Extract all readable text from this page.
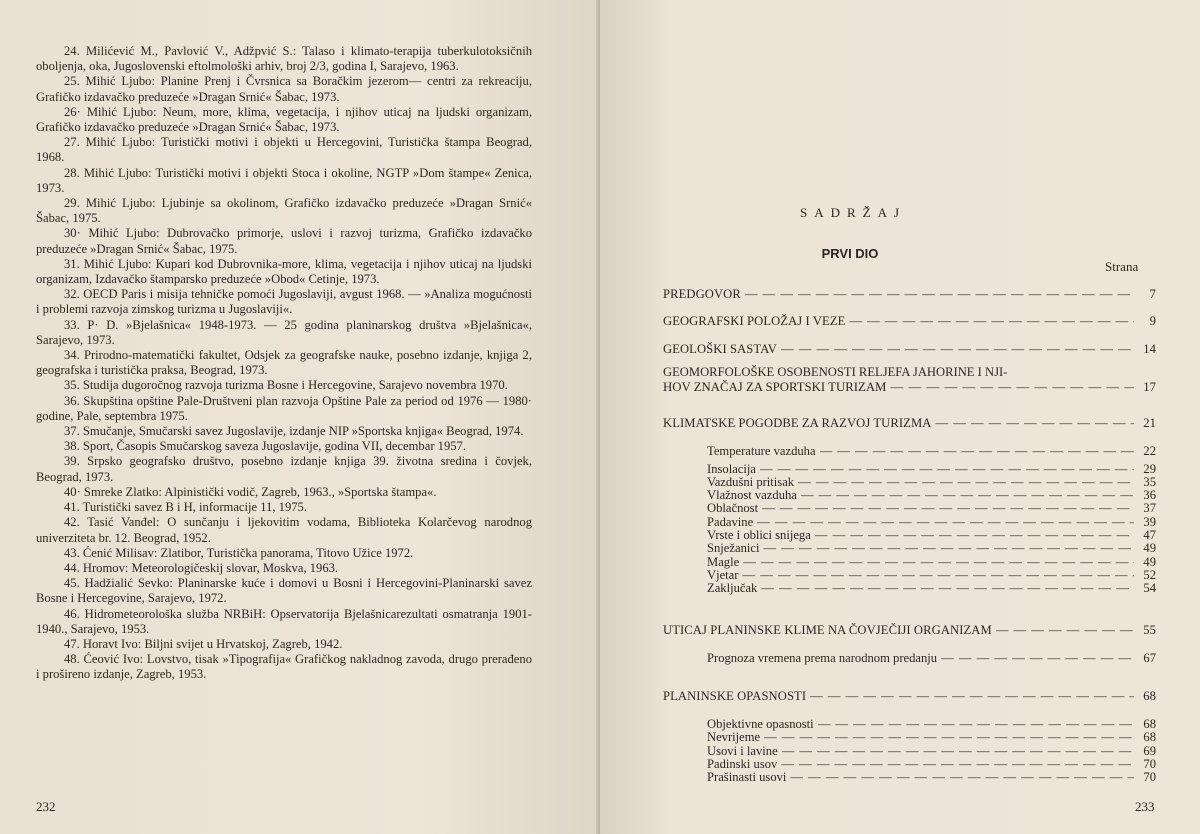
24. Milićević M., Pavlović V., Adžpvić S.: Talaso i klimato-terapija tuberkulotoksičnih oboljenja, oka, Jugoslovenski eftolmološki arhiv, broj 2/3, godina I, Sarajevo, 1963.

25. Mihić Ljubo: Planine Prenj i Čvrsnica sa Boračkim jezerom— centri za rekreaciju, Grafičko izdavačko preduzeće »Dragan Srnić« Šabac, 1973.

26· Mihić Ljubo: Neum, more, klima, vegetacija, i njihov uticaj na ljudski organizam, Grafičko izdavačko preduzeće »Dragan Srnić« Šabac, 1973.

27. Mihić Ljubo: Turistički motivi i objekti u Hercegovini, Turistička štampa Beograd, 1968.

28. Mihić Ljubo: Turistički motivi i objekti Stoca i okoline, NGTP »Dom štampe« Zenica, 1973.

29. Mihić Ljubo: Ljubinje sa okolinom, Grafičko izdavačko preduzeće »Dragan Srnić« Šabac, 1975.

30· Mihić Ljubo: Dubrovačko primorje, uslovi i razvoj turizma, Grafičko izdavačko preduzeće »Dragan Srnić« Šabac, 1975.

31. Mihić Ljubo: Kupari kod Dubrovnika-more, klima, vegetacija i njihov uticaj na ljudski organizam, Izdavačko štamparsko preduzeće »Obod« Cetinje, 1973.

32. OECD Paris i misija tehničke pomoći Jugoslaviji, avgust 1968. — »Analiza mogućnosti i problemi razvoja zimskog turizma u Jugoslaviji«.

33. P· D. »Bjelašnica« 1948-1973. — 25 godina planinarskog društva »Bjelašnica«, Sarajevo, 1973.

34. Prirodno-matematički fakultet, Odsjek za geografske nauke, posebno izdanje, knjiga 2, geografska i turistička praksa, Beograd, 1973.

35. Studija dugoročnog razvoja turizma Bosne i Hercegovine, Sarajevo novembra 1970.

36. Skupština opštine Pale-Društveni plan razvoja Opštine Pale za period od 1976 — 1980· godine, Pale, septembra 1975.

37. Smučanje, Smučarski savez Jugoslavije, izdanje NIP »Sportska knjiga« Beograd, 1974.

38. Sport, Časopis Smučarskog saveza Jugoslavije, godina VII, decembar 1957.

39. Srpsko geografsko društvo, posebno izdanje knjiga 39. životna sredina i čovjek, Beograd, 1973.

40· Smreke Zlatko: Alpinistički vodič, Zagreb, 1963., »Sportska štampa«.

41. Turistički savez B i H, informacije 11, 1975.

42. Tasić Vanđel: O sunčanju i ljekovitim vodama, Biblioteka Kolarčevog narodnog univerziteta br. 12. Beograd, 1952.

43. Ćenić Milisav: Zlatibor, Turistička panorama, Titovo Užice 1972.

44. Hromov: Meteorologičeskij slovar, Moskva, 1963.

45. Hadžialić Sevko: Planinarske kuće i domovi u Bosni i Hercegovini-Planinarski savez Bosne i Hercegovine, Sarajevo, 1972.

46. Hidrometeorološka služba NRBiH: Opservatorija Bjelašnicarezultati osmatranja 1901-1940., Sarajevo, 1953.

47. Horavt Ivo: Biljni svijet u Hrvatskoj, Zagreb, 1942.

48. Ćeović Ivo: Lovstvo, tisak »Tipografija« Grafičkog nakladnog zavoda, drugo prerađeno i prošireno izdanje, Zagreb, 1953.

232
SADRŽAJ
PRVI DIO
Strana
PREDGOVOR — — —	7
GEOGRAFSKI POLOŽAJ I VEZE — — —	9
GEOLOŠKI SASTAV — — —	14
GEOMORFOLOŠKE OSOBENOSTI RELJEFA JAHORINE I NJI-
HOV ZNAČAJ ZA SPORTSKI TURIZAM — — —	17
KLIMATSKE POGODBE ZA RAZVOJ TURIZMA — — —	21
Temperature vazduha — — —	22
Insolacija — — —	29
Vazdušni pritisak — — —	35
Vlažnost vazduha — — —	36
Oblačnost — — —	37
Padavine — — —	39
Vrste i oblici snijega — — —	47
Snježanici — — —	49
Magle — — —	49
Vjetar — — —	52
Zaključak — — —	54
UTICAJ PLANINSKE KLIME NA ČOVJEČIJI ORGANIZAM — — —	55
Prognoza vremena prema narodnom predanju — — —	67
PLANINSKE OPASNOSTI — — —	68
Objektivne opasnosti — — —	68
Nevrijeme — — —	68
Usovi i lavine — — —	69
Padinski usov — — —	70
Prašinasti usovi — — —	70
233
